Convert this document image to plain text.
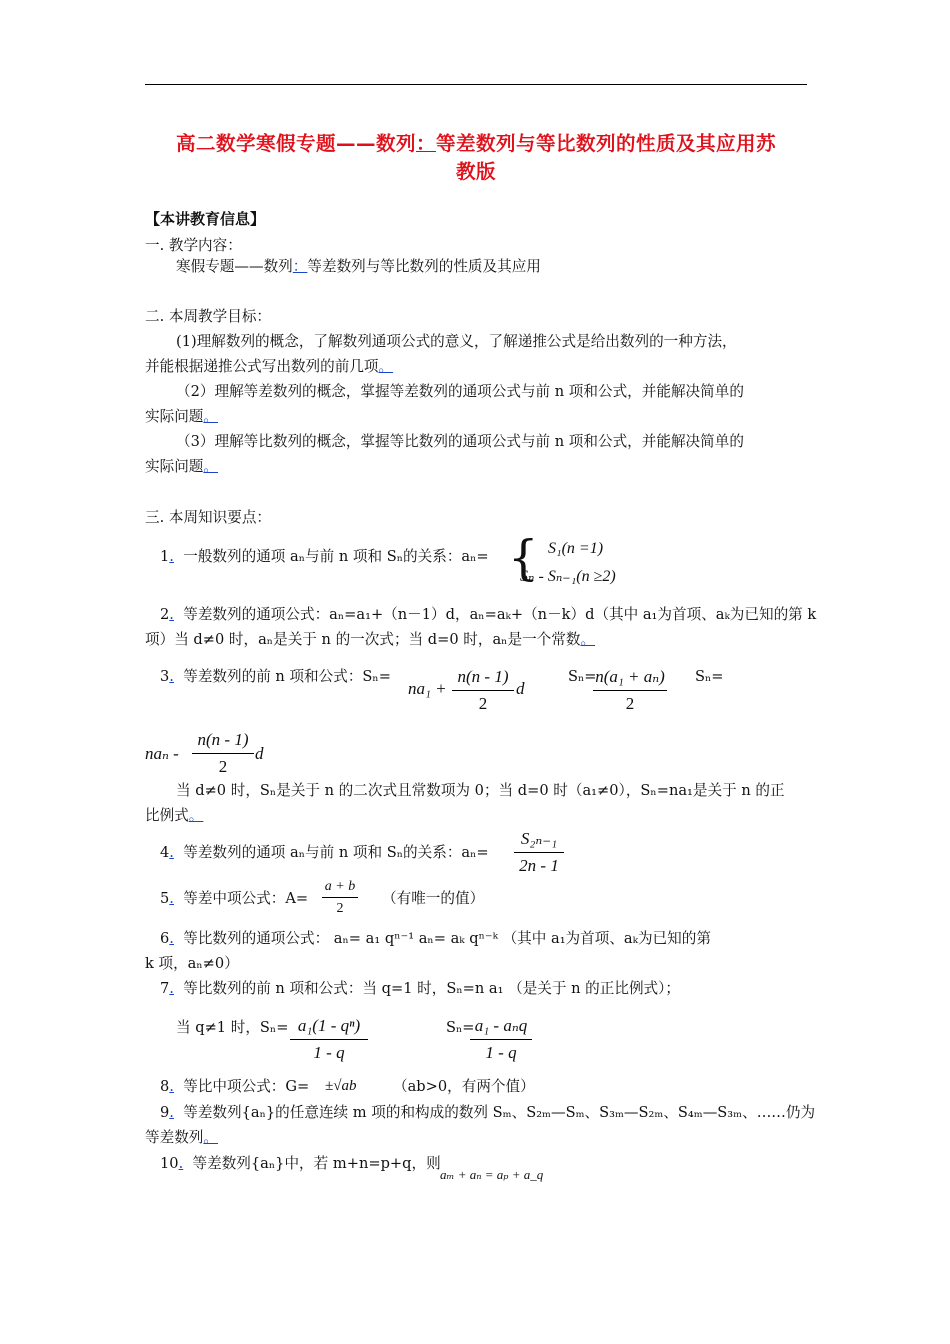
高二数学寒假专题——数列：等差数列与等比数列的性质及其应用苏
教版
【本讲教育信息】
一. 教学内容：
寒假专题——数列：等差数列与等比数列的性质及其应用
二. 本周教学目标：
(1)理解数列的概念，了解数列通项公式的意义，了解递推公式是给出数列的一种方法，
并能根据递推公式写出数列的前几项。
（2）理解等差数列的概念，掌握等差数列的通项公式与前 n 项和公式，并能解决简单的
实际问题。
（3）理解等比数列的概念，掌握等比数列的通项公式与前 n 项和公式，并能解决简单的
实际问题。
三. 本周知识要点：
1. 一般数列的通项 aₙ与前 n 项和 Sₙ的关系：aₙ= { S₁(n =1)
Sₙ - Sₙ₋₁(n ≥2)
2. 等差数列的通项公式：aₙ=a₁+（n－1）d，aₙ=aₖ+（n－k）d（其中 a₁为首项、aₖ为已知的第 k
项）当 d≠0 时，aₙ是关于 n 的一次式；当 d=0 时，aₙ是一个常数。
3. 等差数列的前 n 项和公式：Sₙ=
na₁ +
n(n - 1)
2
d
Sₙ=
n(a₁ + aₙ)
2
Sₙ=
naₙ -
n(n - 1)
2
d
当 d≠0 时，Sₙ是关于 n 的二次式且常数项为 0；当 d=0 时（a₁≠0），Sₙ=na₁是关于 n 的正
比例式。
4. 等差数列的通项 aₙ与前 n 项和 Sₙ的关系：aₙ=
S₂ₙ₋₁
2n - 1
5. 等差中项公式：A=
a + b
2
（有唯一的值）
6. 等比数列的通项公式： aₙ= a₁ qⁿ⁻¹ aₙ= aₖ qⁿ⁻ᵏ （其中 a₁为首项、aₖ为已知的第
k 项，aₙ≠0）
7. 等比数列的前 n 项和公式：当 q=1 时，Sₙ=n a₁ （是关于 n 的正比例式）；
当 q≠1 时，Sₙ= a₁(1 - qⁿ)
1 - q
Sₙ= a₁ - aₙq
1 - q
8. 等比中项公式：G= ±√ab	（ab>0，有两个值）
9. 等差数列{aₙ}的任意连续 m 项的和构成的数列 Sₘ、S₂ₘ—Sₘ、S₃ₘ—S₂ₘ、S₄ₘ—S₃ₘ、……仍为
等差数列。
10. 等差数列{aₙ}中，若 m+n=p+q，则
aₘ + aₙ = aₚ + a_q
